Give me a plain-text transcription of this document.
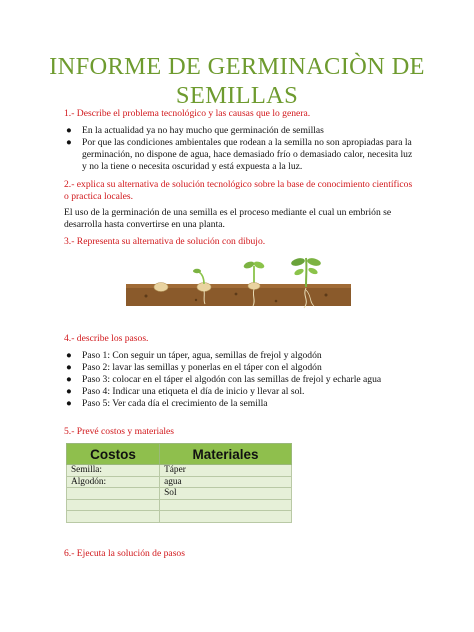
INFORME DE GERMINACIÒN DE
SEMILLAS
1.- Describe el problema tecnológico y las causas que lo genera.
● En la actualidad ya no hay mucho que germinación de semillas
● Por que las condiciones ambientales que rodean a la semilla no son apropiadas para la germinación, no dispone de agua, hace demasiado frío o demasiado calor, necesita luz y no la tiene o necesita oscuridad y está expuesta a la luz.
2.- explica su alternativa de solución tecnológico sobre la base de conocimiento científicos o practica locales.
El uso de la germinación de una semilla es el proceso mediante el cual un embrión se desarrolla hasta convertirse en una planta.
3.- Representa su alternativa de solución con dibujo.
4.- describe los pasos.
● Paso 1: Con seguir un táper, agua, semillas de frejol y algodón
● Paso 2: lavar las semillas y ponerlas en el táper con el algodón
● Paso 3: colocar en el táper el algodón con las semillas de frejol y echarle agua
● Paso 4: Indicar una etiqueta el día de inicio y llevar al sol.
● Paso 5: Ver cada día el crecimiento de la semilla
5.- Prevé costos y materiales
Costos	Materiales
Semilla:	Táper
Algodón:	agua
	Sol

6.- Ejecuta la solución de pasos
